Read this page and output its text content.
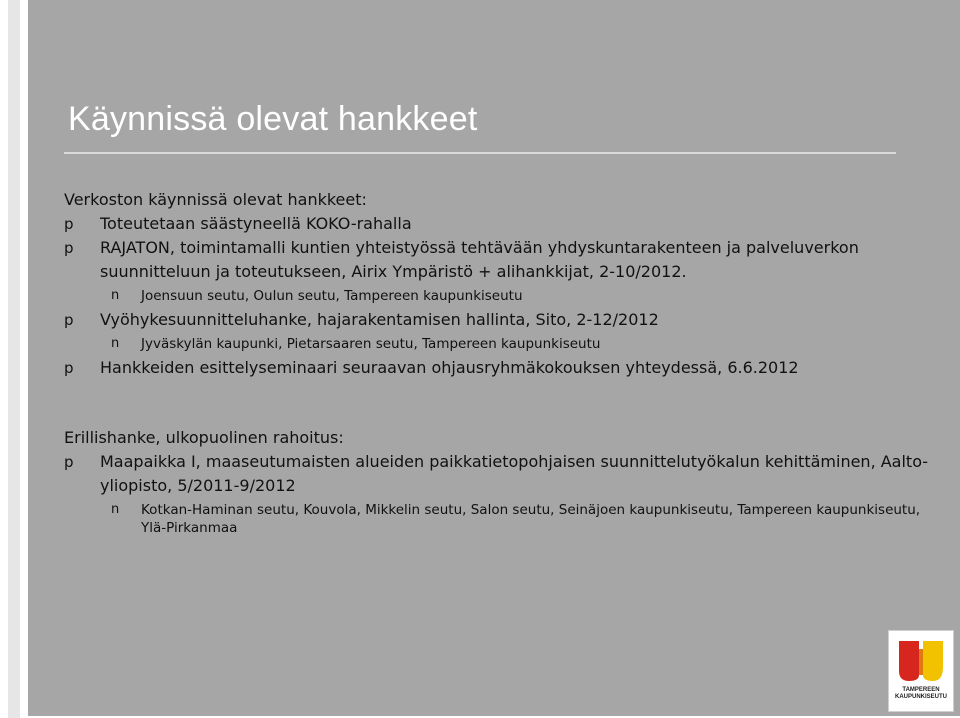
Käynnissä olevat hankkeet

Verkoston käynnissä olevat hankkeet:

p Toteutetaan säästyneellä KOKO-rahalla

p RAJATON, toimintamalli kuntien yhteistyössä tehtävään yhdyskuntarakenteen ja palveluverkon suunnitteluun ja toteutukseen, Airix Ympäristö + alihankkijat, 2-10/2012.

n Joensuun seutu, Oulun seutu, Tampereen kaupunkiseutu

p Vyöhykesuunnitteluhanke, hajarakentamisen hallinta, Sito, 2-12/2012

n Jyväskylän kaupunki, Pietarsaaren seutu, Tampereen kaupunkiseutu

p Hankkeiden esittelyseminaari seuraavan ohjausryhmäkokouksen yhteydessä, 6.6.2012

Erillishanke, ulkopuolinen rahoitus:

p Maapaikka I, maaseutumaisten alueiden paikkatietopohjaisen suunnittelutyökalun kehittäminen, Aalto-yliopisto, 5/2011-9/2012

n Kotkan-Haminan seutu, Kouvola, Mikkelin seutu, Salon seutu, Seinäjoen kaupunkiseutu, Tampereen kaupunkiseutu, Ylä-Pirkanmaa

TAMPEREEN
KAUPUNKISEUTU
